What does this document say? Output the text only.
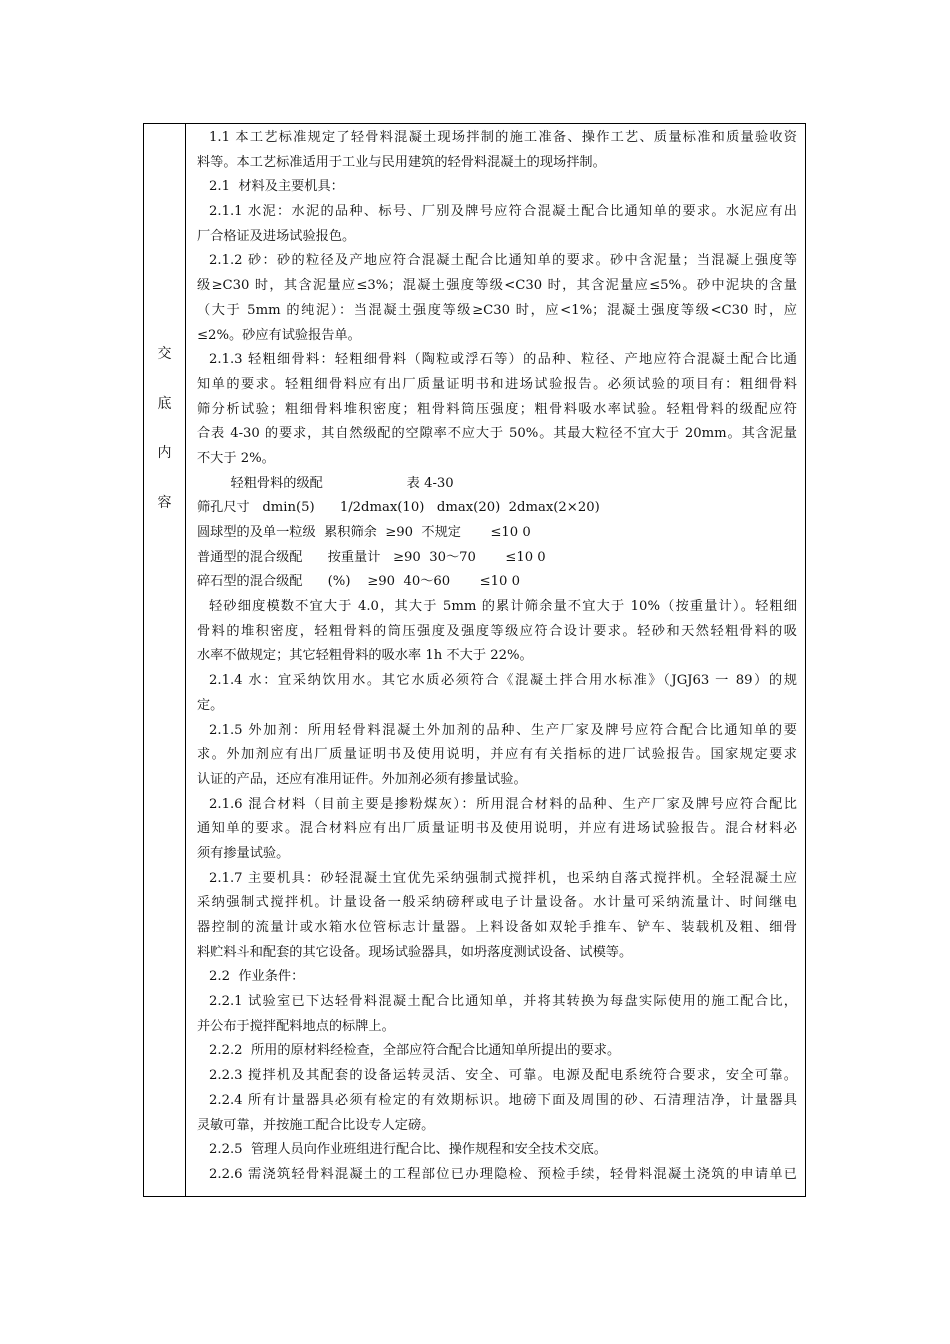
交
底
内
容
1.1 本工艺标准规定了轻骨料混凝土现场拌制的施工准备、操作工艺、质量标准和质量验收资
料等。本工艺标准适用于工业与民用建筑的轻骨料混凝土的现场拌制。
2.1  材料及主要机具：
2.1.1 水泥：水泥的品种、标号、厂别及牌号应符合混凝土配合比通知单的要求。水泥应有出
厂合格证及进场试验报色。
2.1.2 砂：砂的粒径及产地应符合混凝土配合比通知单的要求。砂中含泥量；当混凝上强度等
级≥C30 时，其含泥量应≤3%；混凝土强度等级<C30 时，其含泥量应≤5%。砂中泥块的含量
（大于 5mm 的纯泥）：当混凝土强度等级≥C30 时，应<1%；混凝土强度等级<C30 时，应
≤2%。砂应有试验报告单。
2.1.3 轻粗细骨料：轻粗细骨料（陶粒或浮石等）的品种、粒径、产地应符合混凝土配合比通
知单的要求。轻粗细骨料应有出厂质量证明书和进场试验报告。必须试验的项目有：粗细骨料
筛分析试验；粗细骨料堆积密度；粗骨料筒压强度；粗骨料吸水率试验。轻粗骨料的级配应符
合表 4-30 的要求，其自然级配的空隙率不应大于 50%。其最大粒径不宜大于 20mm。其含泥量
不大于 2%。
轻粗骨料的级配                    表 4-30
筛孔尺寸   dmin(5)      1/2dmax(10)   dmax(20)  2dmax(2×20)
圆球型的及单一粒级  累积筛余  ≥90  不规定       ≤10 0
普通型的混合级配      按重量计   ≥90  30～70       ≤10 0
碎石型的混合级配      (%)    ≥90  40～60       ≤10 0
轻砂细度模数不宜大于 4.0，其大于 5mm 的累计筛余量不宜大于 10%（按重量计）。轻粗细
骨料的堆积密度，轻粗骨料的筒压强度及强度等级应符合设计要求。轻砂和天然轻粗骨料的吸
水率不做规定；其它轻粗骨料的吸水率 1h 不大于 22%。
2.1.4 水：宜采纳饮用水。其它水质必须符合《混凝土拌合用水标准》（JGJ63 一 89）的规
定。
2.1.5 外加剂：所用轻骨料混凝土外加剂的品种、生产厂家及牌号应符合配合比通知单的要
求。外加剂应有出厂质量证明书及使用说明，并应有有关指标的进厂试验报告。国家规定要求
认证的产品，还应有准用证件。外加剂必须有掺量试验。
2.1.6 混合材料（目前主要是掺粉煤灰）：所用混合材料的品种、生产厂家及牌号应符合配比
通知单的要求。混合材料应有出厂质量证明书及使用说明，并应有进场试验报告。混合材料必
须有掺量试验。
2.1.7 主要机具：砂轻混凝土宜优先采纳强制式搅拌机，也采纳自落式搅拌机。全轻混凝土应
采纳强制式搅拌机。计量设备一般采纳磅秤或电子计量设备。水计量可采纳流量计、时间继电
器控制的流量计或水箱水位管标志计量器。上料设备如双轮手推车、铲车、装载机及粗、细骨
料贮料斗和配套的其它设备。现场试验器具，如坍落度测试设备、试模等。
2.2  作业条件：
2.2.1 试验室已下达轻骨料混凝土配合比通知单，并将其转换为每盘实际使用的施工配合比，
并公布于搅拌配料地点的标牌上。
2.2.2  所用的原材料经检查，全部应符合配合比通知单所提出的要求。
2.2.3 搅拌机及其配套的设备运转灵活、安全、可靠。电源及配电系统符合要求，安全可靠。
2.2.4 所有计量器具必须有检定的有效期标识。地磅下面及周围的砂、石清理洁净，计量器具
灵敏可靠，并按施工配合比设专人定磅。
2.2.5  管理人员向作业班组进行配合比、操作规程和安全技术交底。
2.2.6 需浇筑轻骨料混凝土的工程部位已办理隐检、预检手续，轻骨料混凝土浇筑的申请单已
